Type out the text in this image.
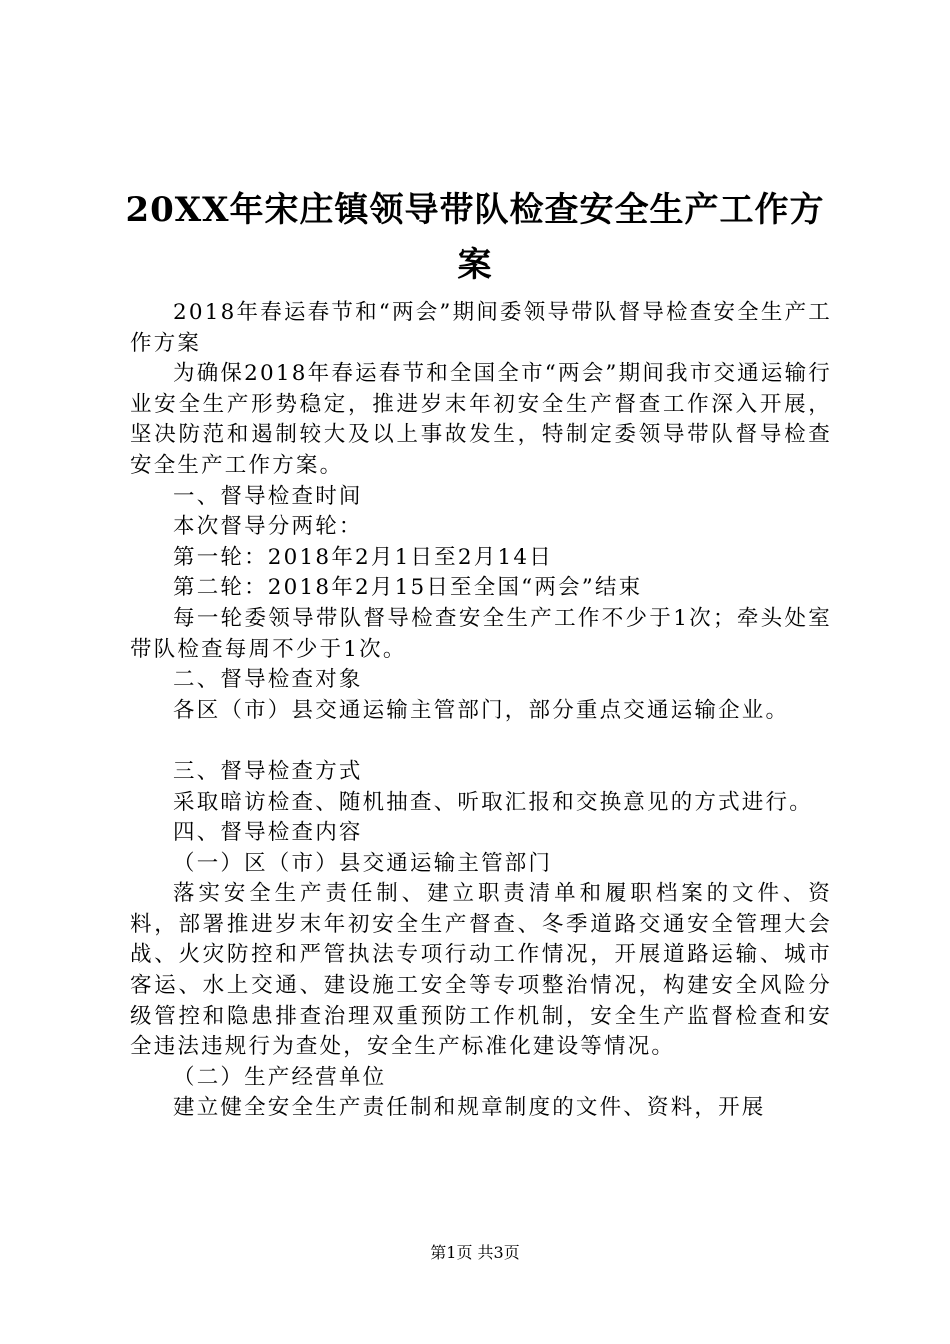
20XX年宋庄镇领导带队检查安全生产工作方
案

2018年春运春节和“两会”期间委领导带队督导检查安全生产工作方案

为确保2018年春运春节和全国全市“两会”期间我市交通运输行业安全生产形势稳定，推进岁末年初安全生产督查工作深入开展，坚决防范和遏制较大及以上事故发生，特制定委领导带队督导检查安全生产工作方案。

一、督导检查时间

本次督导分两轮：

第一轮：2018年2月1日至2月14日

第二轮：2018年2月15日至全国“两会”结束

每一轮委领导带队督导检查安全生产工作不少于1次；牵头处室带队检查每周不少于1次。

二、督导检查对象

各区（市）县交通运输主管部门，部分重点交通运输企业。

三、督导检查方式

采取暗访检查、随机抽查、听取汇报和交换意见的方式进行。

四、督导检查内容

（一）区（市）县交通运输主管部门

落实安全生产责任制、建立职责清单和履职档案的文件、资料，部署推进岁末年初安全生产督查、冬季道路交通安全管理大会战、火灾防控和严管执法专项行动工作情况，开展道路运输、城市客运、水上交通、建设施工安全等专项整治情况，构建安全风险分级管控和隐患排查治理双重预防工作机制，安全生产监督检查和安全违法违规行为查处，安全生产标准化建设等情况。

（二）生产经营单位

建立健全安全生产责任制和规章制度的文件、资料，开展

第1页 共3页
